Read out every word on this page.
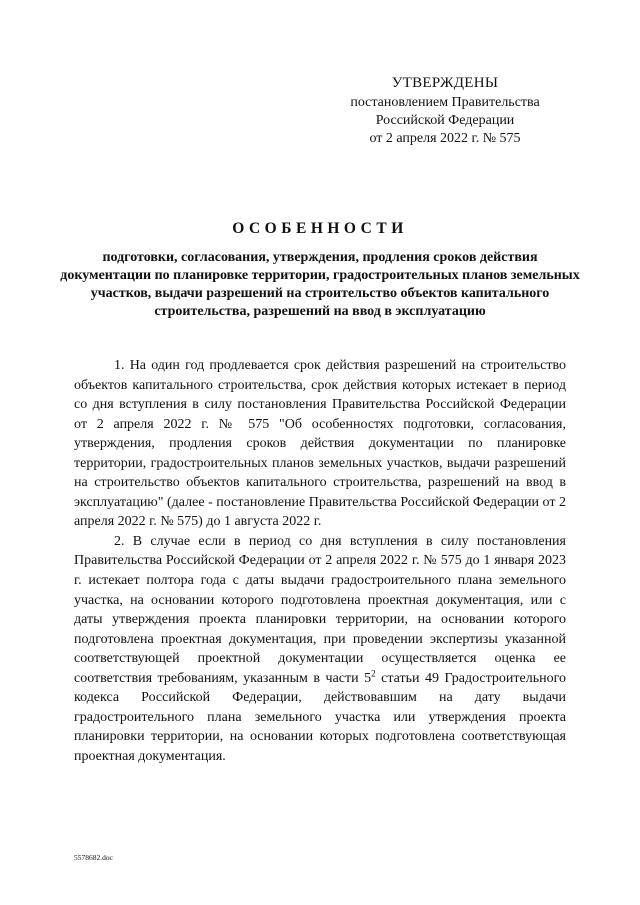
УТВЕРЖДЕНЫ
постановлением Правительства
Российской Федерации
от 2 апреля 2022 г. № 575
ОСОБЕННОСТИ
подготовки, согласования, утверждения, продления сроков действия документации по планировке территории, градостроительных планов земельных участков, выдачи разрешений на строительство объектов капитального строительства, разрешений на ввод в эксплуатацию

1. На один год продлевается срок действия разрешений на строительство объектов капитального строительства, срок действия которых истекает в период со дня вступления в силу постановления Правительства Российской Федерации от 2 апреля 2022 г. № 575 "Об особенностях подготовки, согласования, утверждения, продления сроков действия документации по планировке территории, градостроительных планов земельных участков, выдачи разрешений на строительство объектов капитального строительства, разрешений на ввод в эксплуатацию" (далее - постановление Правительства Российской Федерации от 2 апреля 2022 г. № 575) до 1 августа 2022 г.

2. В случае если в период со дня вступления в силу постановления Правительства Российской Федерации от 2 апреля 2022 г. № 575 до 1 января 2023 г. истекает полтора года с даты выдачи градостроительного плана земельного участка, на основании которого подготовлена проектная документация, или с даты утверждения проекта планировки территории, на основании которого подготовлена проектная документация, при проведении экспертизы указанной соответствующей проектной документации осуществляется оценка ее соответствия требованиям, указанным в части $5^2$ статьи 49 Градостроительного кодекса Российской Федерации, действовавшим на дату выдачи градостроительного плана земельного участка или утверждения проекта планировки территории, на основании которых подготовлена соответствующая проектная документация.

5578682.doc
